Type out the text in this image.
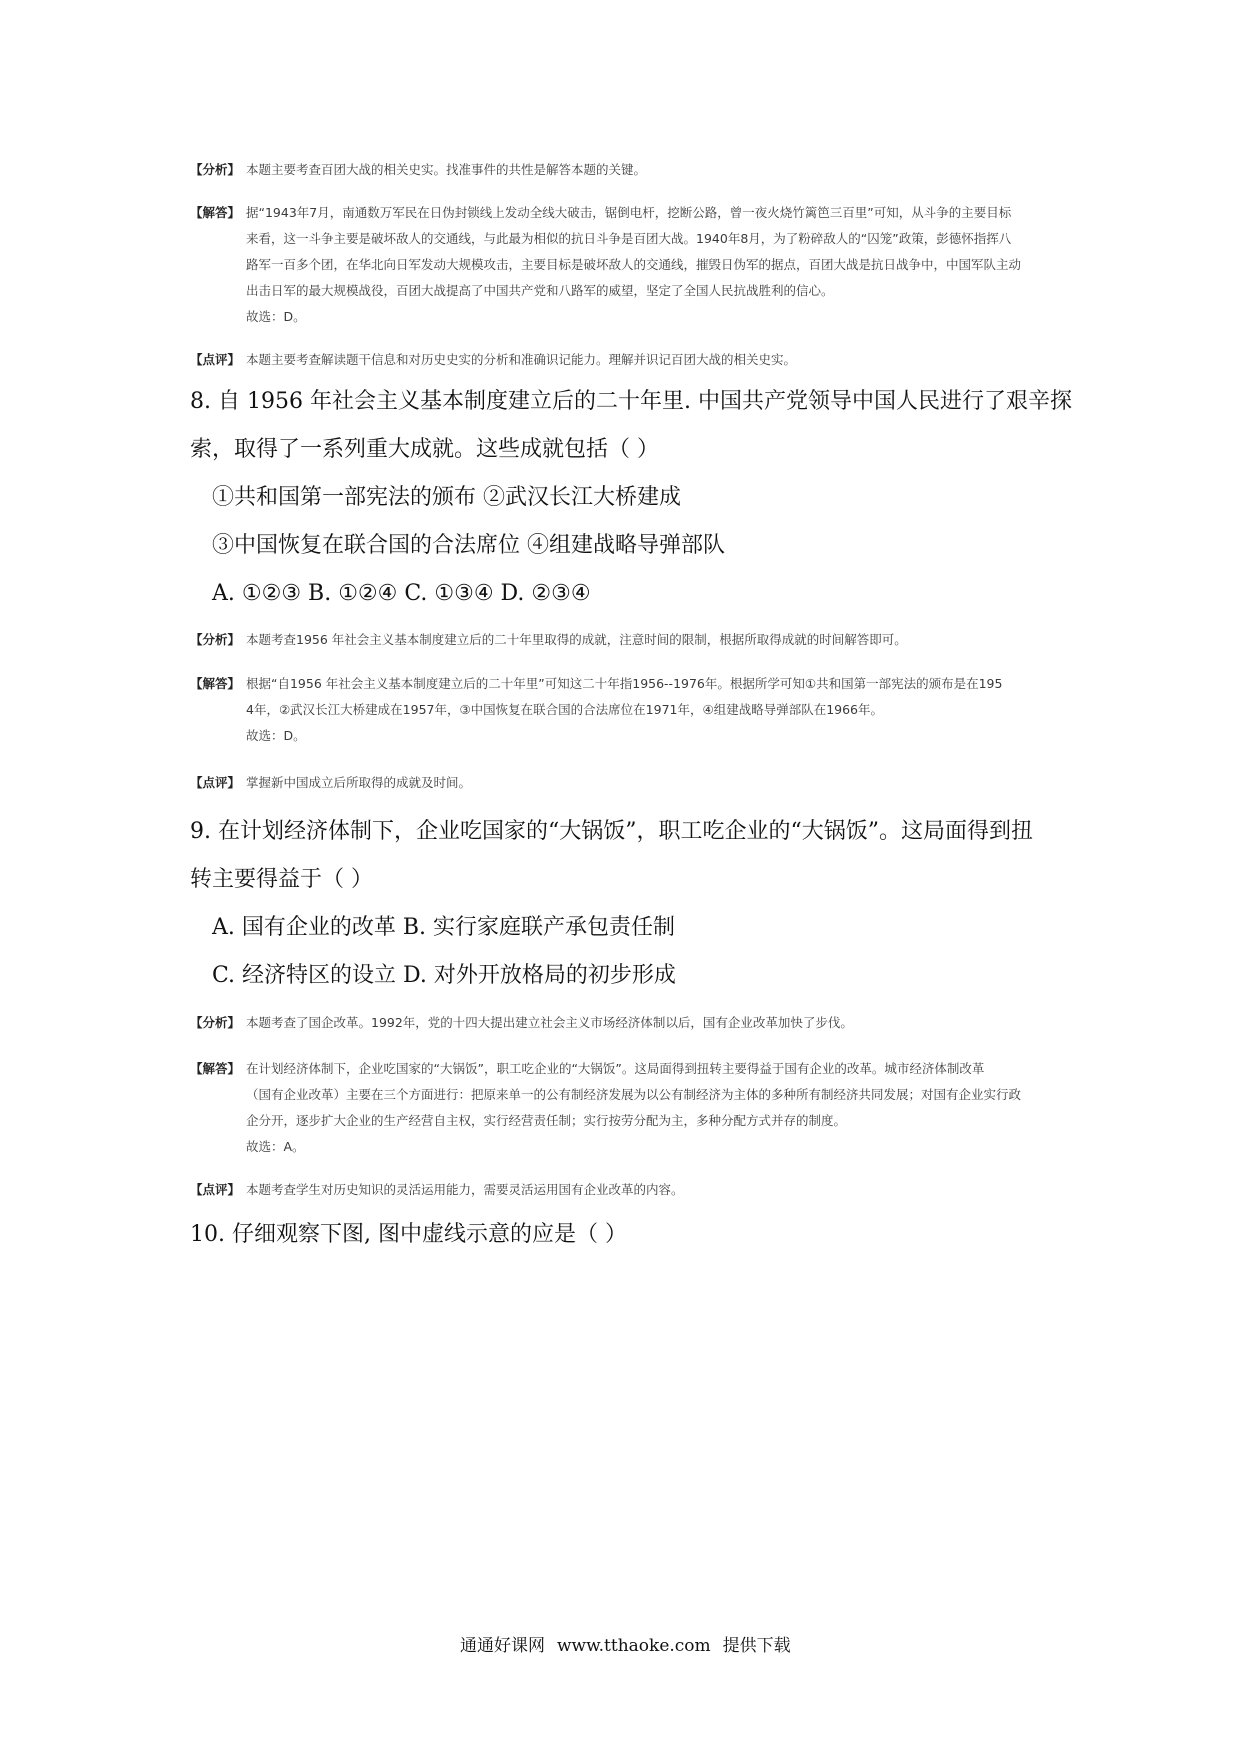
【分析】 本题主要考查百团大战的相关史实。找准事件的共性是解答本题的关键。
【解答】 据“1943年7月，南通数万军民在日伪封锁线上发动全线大破击，锯倒电杆，挖断公路，曾一夜火烧竹篱笆三百里”可知，从斗争的主要目标
来看，这一斗争主要是破坏敌人的交通线，与此最为相似的抗日斗争是百团大战。1940年8月，为了粉碎敌人的“囚笼”政策，彭德怀指挥八
路军一百多个团，在华北向日军发动大规模攻击，主要目标是破坏敌人的交通线，摧毁日伪军的据点，百团大战是抗日战争中，中国军队主动
出击日军的最大规模战役，百团大战提高了中国共产党和八路军的威望，坚定了全国人民抗战胜利的信心。
故选：D。
【点评】 本题主要考查解读题干信息和对历史史实的分析和准确识记能力。理解并识记百团大战的相关史实。
8. 自 1956 年社会主义基本制度建立后的二十年里. 中国共产党领导中国人民进行了艰辛探
索，取得了一系列重大成就。这些成就包括（ ）
①共和国第一部宪法的颁布 ②武汉长江大桥建成
③中国恢复在联合国的合法席位 ④组建战略导弹部队
A. ①②③ B. ①②④ C. ①③④ D. ②③④
【分析】 本题考查1956 年社会主义基本制度建立后的二十年里取得的成就，注意时间的限制，根据所取得成就的时间解答即可。
【解答】 根据“自1956 年社会主义基本制度建立后的二十年里”可知这二十年指1956--1976年。根据所学可知①共和国第一部宪法的颁布是在195
4年，②武汉长江大桥建成在1957年，③中国恢复在联合国的合法席位在1971年，④组建战略导弹部队在1966年。
故选：D。
【点评】 掌握新中国成立后所取得的成就及时间。
9. 在计划经济体制下，企业吃国家的“大锅饭”，职工吃企业的“大锅饭”。这局面得到扭
转主要得益于（ ）
A. 国有企业的改革 B. 实行家庭联产承包责任制
C. 经济特区的设立 D. 对外开放格局的初步形成
【分析】 本题考查了国企改革。1992年，党的十四大提出建立社会主义市场经济体制以后，国有企业改革加快了步伐。
【解答】 在计划经济体制下，企业吃国家的“大锅饭”，职工吃企业的“大锅饭”。这局面得到扭转主要得益于国有企业的改革。城市经济体制改革
（国有企业改革）主要在三个方面进行：把原来单一的公有制经济发展为以公有制经济为主体的多种所有制经济共同发展；对国有企业实行政
企分开，逐步扩大企业的生产经营自主权，实行经营责任制；实行按劳分配为主，多种分配方式并存的制度。
故选：A。
【点评】 本题考查学生对历史知识的灵活运用能力，需要灵活运用国有企业改革的内容。
10. 仔细观察下图, 图中虚线示意的应是（ ）
通通好课网 www.tthaoke.com 提供下载
